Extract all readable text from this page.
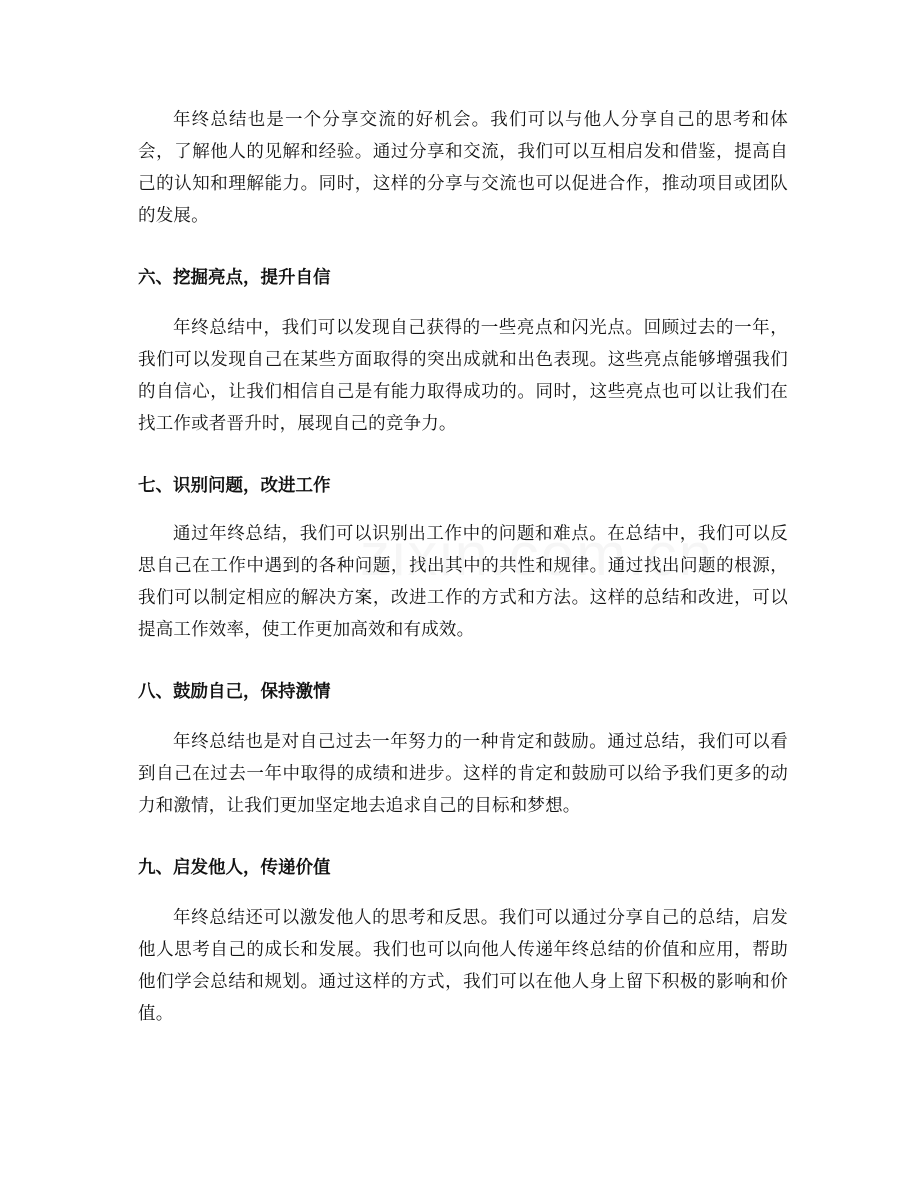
年终总结也是一个分享交流的好机会。我们可以与他人分享自己的思考和体会，了解他人的见解和经验。通过分享和交流，我们可以互相启发和借鉴，提高自己的认知和理解能力。同时，这样的分享与交流也可以促进合作，推动项目或团队的发展。

六、挖掘亮点，提升自信

年终总结中，我们可以发现自己获得的一些亮点和闪光点。回顾过去的一年，我们可以发现自己在某些方面取得的突出成就和出色表现。这些亮点能够增强我们的自信心，让我们相信自己是有能力取得成功的。同时，这些亮点也可以让我们在找工作或者晋升时，展现自己的竞争力。

七、识别问题，改进工作

通过年终总结，我们可以识别出工作中的问题和难点。在总结中，我们可以反思自己在工作中遇到的各种问题，找出其中的共性和规律。通过找出问题的根源，我们可以制定相应的解决方案，改进工作的方式和方法。这样的总结和改进，可以提高工作效率，使工作更加高效和有成效。

八、鼓励自己，保持激情

年终总结也是对自己过去一年努力的一种肯定和鼓励。通过总结，我们可以看到自己在过去一年中取得的成绩和进步。这样的肯定和鼓励可以给予我们更多的动力和激情，让我们更加坚定地去追求自己的目标和梦想。

九、启发他人，传递价值

年终总结还可以激发他人的思考和反思。我们可以通过分享自己的总结，启发他人思考自己的成长和发展。我们也可以向他人传递年终总结的价值和应用，帮助他们学会总结和规划。通过这样的方式，我们可以在他人身上留下积极的影响和价值。
